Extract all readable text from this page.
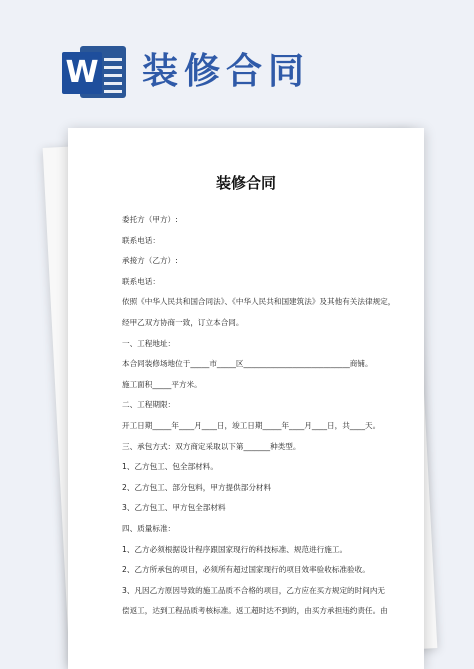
W 装修合同
装修合同
委托方（甲方）:
联系电话：
承接方（乙方）:
联系电话：
依照《中华人民共和国合同法》、《中华人民共和国建筑法》及其他有关法律规定，
经甲乙双方协商一致，订立本合同。
一、工程地址：
本合同装修场地位于_____市_____区____________________________商铺。
施工面积_____平方米。
二、工程期限：
开工日期_____年____月____日，竣工日期_____年____月____日，共____天。
三、承包方式：双方商定采取以下第_______种类型。
1、乙方包工、包全部材料。
2、乙方包工、部分包料，甲方提供部分材料
3、乙方包工、甲方包全部材料
四、质量标准：
1、乙方必须根据设计程序跟国家现行的科技标准、规范进行施工。
2、乙方所承包的项目，必须所有超过国家现行的项目效率验收标准验收。
3、凡因乙方原因导致的施工品质不合格的项目，乙方应在买方规定的时间内无
偿返工，达到工程品质考核标准。返工超时达不到的，由买方承担违约责任。由
